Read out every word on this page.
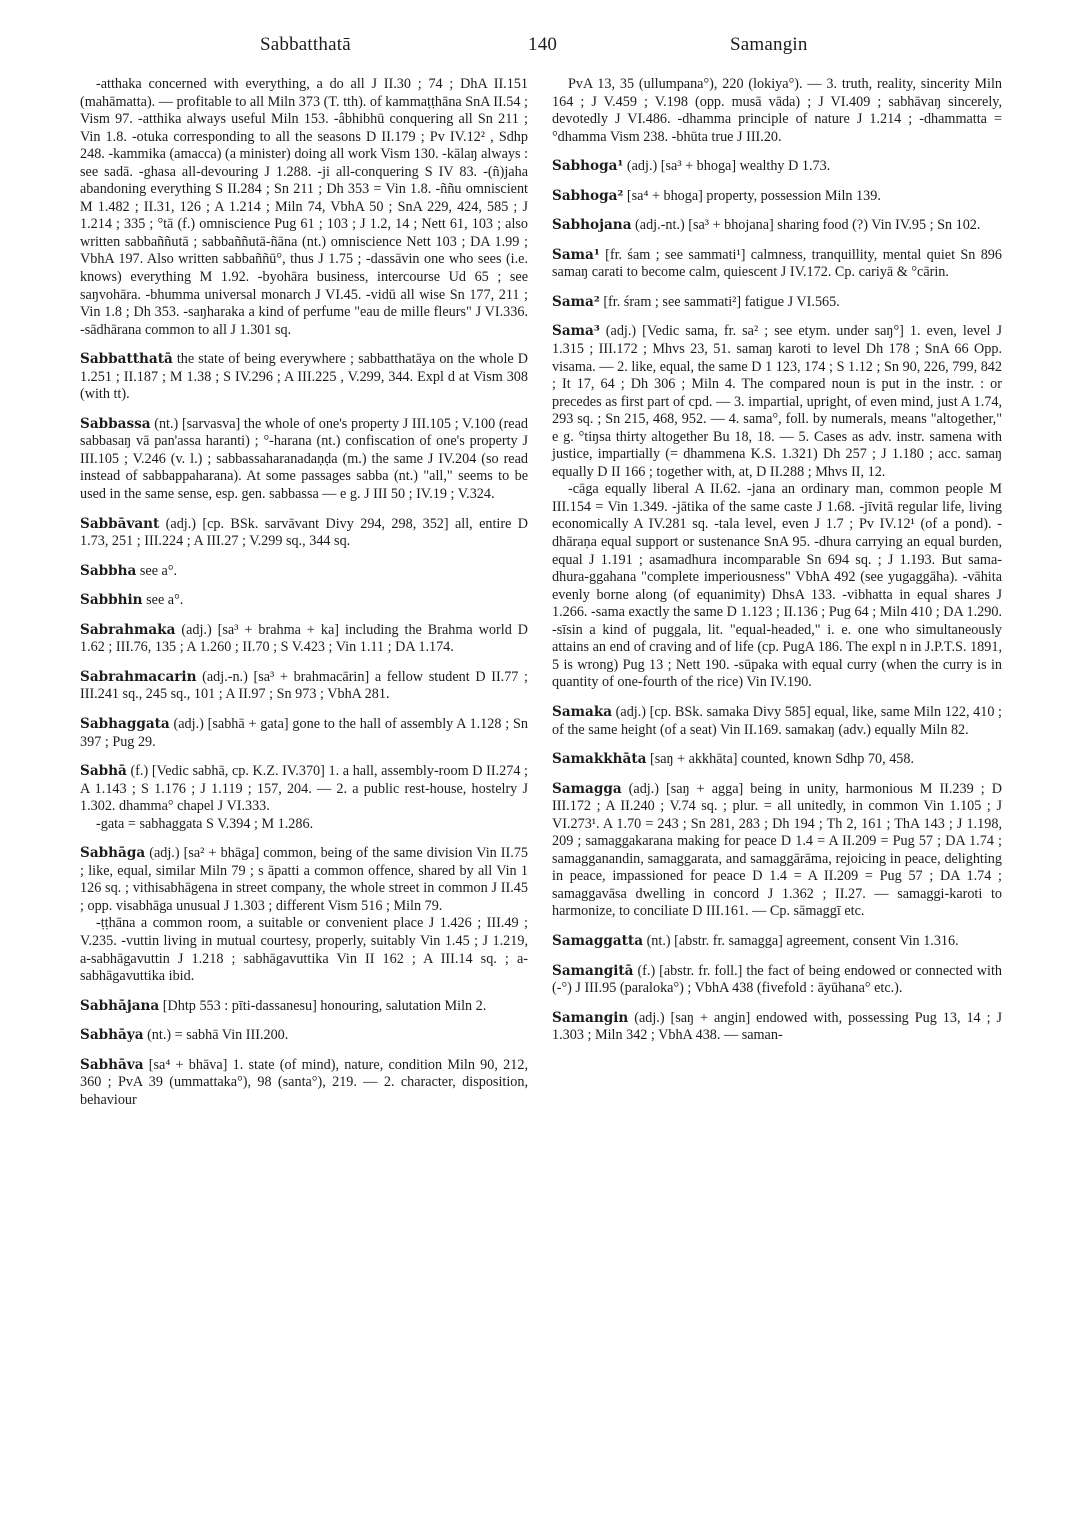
Sabbatthatā	140	Samangin

-atthaka concerned with everything, a do all J II.30 ; 74 ; DhA II.151 (mahāmatta). — profitable to all Miln 373 (T. tth). of kammaṭṭhāna SnA II.54 ; Vism 97. -atthika always useful Miln 153. -âbhibhū conquering all Sn 211 ; Vin 1.8. -otuka corresponding to all the seasons D II.179 ; Pv IV.12² , Sdhp 248. -kammika (amacca) (a minister) doing all work Vism 130. -kālaŋ always : see sadā. -ghasa all-devouring J 1.288. -ji all-conquering S IV 83. -(ñ)jaha abandoning everything S II.284 ; Sn 211 ; Dh 353 = Vin 1.8. -ññu omniscient M 1.482 ; II.31, 126 ; A 1.214 ; Miln 74, VbhA 50 ; SnA 229, 424, 585 ; J 1.214 ; 335 ; °tā (f.) omniscience Pug 61 ; 103 ; J 1.2, 14 ; Nett 61, 103 ; also written sabbaññutā ; sabbaññutā-ñāna (nt.) omniscience Nett 103 ; DA 1.99 ; VbhA 197. Also written sabbaññū°, thus J 1.75 ; -dassāvin one who sees (i.e. knows) everything M 1.92. -byohāra business, intercourse Ud 65 ; see saŋvohāra. -bhumma universal monarch J VI.45. -vidū all wise Sn 177, 211 ; Vin 1.8 ; Dh 353. -saŋharaka a kind of perfume "eau de mille fleurs" J VI.336. -sādhārana common to all J 1.301 sq.

Sabbatthatā the state of being everywhere ; sabbatthatāya on the whole D 1.251 ; II.187 ; M 1.38 ; S IV.296 ; A III.225 , V.299, 344. Expl d at Vism 308 (with tt).

Sabbassa (nt.) [sarvasva] the whole of one's property J III.105 ; V.100 (read sabbasaŋ vā pan'assa haranti) ; °-harana (nt.) confiscation of one's property J III.105 ; V.246 (v. l.) ; sabbassaharanadaṇḍa (m.) the same J IV.204 (so read instead of sabbappaharana). At some passages sabba (nt.) "all," seems to be used in the same sense, esp. gen. sabbassa — e g. J III 50 ; IV.19 ; V.324.

Sabbāvant (adj.) [cp. BSk. sarvāvant Divy 294, 298, 352] all, entire D 1.73, 251 ; III.224 ; A III.27 ; V.299 sq., 344 sq.

Sabbha see a°.

Sabbhin see a°.

Sabrahmaka (adj.) [sa³ + brahma + ka] including the Brahma world D 1.62 ; III.76, 135 ; A 1.260 ; II.70 ; S V.423 ; Vin 1.11 ; DA 1.174.

Sabrahmacarin (adj.-n.) [sa³ + brahmacārin] a fellow student D II.77 ; III.241 sq., 245 sq., 101 ; A II.97 ; Sn 973 ; VbhA 281.

Sabhaggata (adj.) [sabhā + gata] gone to the hall of assembly A 1.128 ; Sn 397 ; Pug 29.

Sabhā (f.) [Vedic sabhā, cp. K.Z. IV.370] 1. a hall, assembly-room D II.274 ; A 1.143 ; S 1.176 ; J 1.119 ; 157, 204. — 2. a public rest-house, hostelry J 1.302. dhamma° chapel J VI.333.

-gata = sabhaggata S V.394 ; M 1.286.

Sabhāga (adj.) [sa² + bhāga] common, being of the same division Vin II.75 ; like, equal, similar Miln 79 ; s āpatti a common offence, shared by all Vin 1 126 sq. ; vithisabhāgena in street company, the whole street in common J II.45 ; opp. visabhāga unusual J 1.303 ; different Vism 516 ; Miln 79.

-ṭṭhāna a common room, a suitable or convenient place J 1.426 ; III.49 ; V.235. -vuttin living in mutual courtesy, properly, suitably Vin 1.45 ; J 1.219, a-sabhāgavuttin J 1.218 ; sabhāgavuttika Vin II 162 ; A III.14 sq. ; a-sabhāgavuttika ibid.

Sabhājana [Dhtp 553 : pīti-dassanesu] honouring, salutation Miln 2.

Sabhāya (nt.) = sabhā Vin III.200.

Sabhāva [sa⁴ + bhāva] 1. state (of mind), nature, condition Miln 90, 212, 360 ; PvA 39 (ummattaka°), 98 (santa°), 219. — 2. character, disposition, behaviour

PvA 13, 35 (ullumpana°), 220 (lokiya°). — 3. truth, reality, sincerity Miln 164 ; J V.459 ; V.198 (opp. musā vāda) ; J VI.409 ; sabhāvaŋ sincerely, devotedly J VI.486. -dhamma principle of nature J 1.214 ; -dhammatta = °dhamma Vism 238. -bhūta true J III.20.

Sabhoga¹ (adj.) [sa³ + bhoga] wealthy D 1.73.

Sabhoga² [sa⁴ + bhoga] property, possession Miln 139.

Sabhojana (adj.-nt.) [sa³ + bhojana] sharing food (?) Vin IV.95 ; Sn 102.

Sama¹ [fr. śam ; see sammati¹] calmness, tranquillity, mental quiet Sn 896 samaŋ carati to become calm, quiescent J IV.172. Cp. cariyā & °cārin.

Sama² [fr. śram ; see sammati²] fatigue J VI.565.

Sama³ (adj.) [Vedic sama, fr. sa² ; see etym. under saŋ°] 1. even, level J 1.315 ; III.172 ; Mhvs 23, 51. samaŋ karoti to level Dh 178 ; SnA 66 Opp. visama. — 2. like, equal, the same D 1 123, 174 ; S 1.12 ; Sn 90, 226, 799, 842 ; It 17, 64 ; Dh 306 ; Miln 4. The compared noun is put in the instr. : or precedes as first part of cpd. — 3. impartial, upright, of even mind, just A 1.74, 293 sq. ; Sn 215, 468, 952. — 4. sama°, foll. by numerals, means "altogether," e g. °tiŋsa thirty altogether Bu 18, 18. — 5. Cases as adv. instr. samena with justice, impartially (= dhammena K.S. 1.321) Dh 257 ; J 1.180 ; acc. samaŋ equally D II 166 ; together with, at, D II.288 ; Mhvs II, 12.

-cāga equally liberal A II.62. -jana an ordinary man, common people M III.154 = Vin 1.349. -jātika of the same caste J 1.68. -jīvitā regular life, living economically A IV.281 sq. -tala level, even J 1.7 ; Pv IV.12¹ (of a pond). -dhāraṇa equal support or sustenance SnA 95. -dhura carrying an equal burden, equal J 1.191 ; asamadhura incomparable Sn 694 sq. ; J 1.193. But sama-dhura-ggahana "complete imperiousness" VbhA 492 (see yugaggāha). -vāhita evenly borne along (of equanimity) DhsA 133. -vibhatta in equal shares J 1.266. -sama exactly the same D 1.123 ; II.136 ; Pug 64 ; Miln 410 ; DA 1.290. -sīsin a kind of puggala, lit. "equal-headed," i. e. one who simultaneously attains an end of craving and of life (cp. PugA 186. The expl n in J.P.T.S. 1891, 5 is wrong) Pug 13 ; Nett 190. -sūpaka with equal curry (when the curry is in quantity of one-fourth of the rice) Vin IV.190.

Samaka (adj.) [cp. BSk. samaka Divy 585] equal, like, same Miln 122, 410 ; of the same height (of a seat) Vin II.169. samakaŋ (adv.) equally Miln 82.

Samakkhāta [saŋ + akkhāta] counted, known Sdhp 70, 458.

Samagga (adj.) [saŋ + agga] being in unity, harmonious M II.239 ; D III.172 ; A II.240 ; V.74 sq. ; plur. = all unitedly, in common Vin 1.105 ; J VI.273¹. A 1.70 = 243 ; Sn 281, 283 ; Dh 194 ; Th 2, 161 ; ThA 143 ; J 1.198, 209 ; samaggakarana making for peace D 1.4 = A II.209 = Pug 57 ; DA 1.74 ; samagganandin, samaggarata, and samaggārāma, rejoicing in peace, delighting in peace, impassioned for peace D 1.4 = A II.209 = Pug 57 ; DA 1.74 ; samaggavāsa dwelling in concord J 1.362 ; II.27. — samaggi-karoti to harmonize, to conciliate D III.161. — Cp. sāmaggī etc.

Samaggatta (nt.) [abstr. fr. samagga] agreement, consent Vin 1.316.

Samangitā (f.) [abstr. fr. foll.] the fact of being endowed or connected with (-°) J III.95 (paraloka°) ; VbhA 438 (fivefold : āyūhana° etc.).

Samangin (adj.) [saŋ + angin] endowed with, possessing Pug 13, 14 ; J 1.303 ; Miln 342 ; VbhA 438. — saman-
